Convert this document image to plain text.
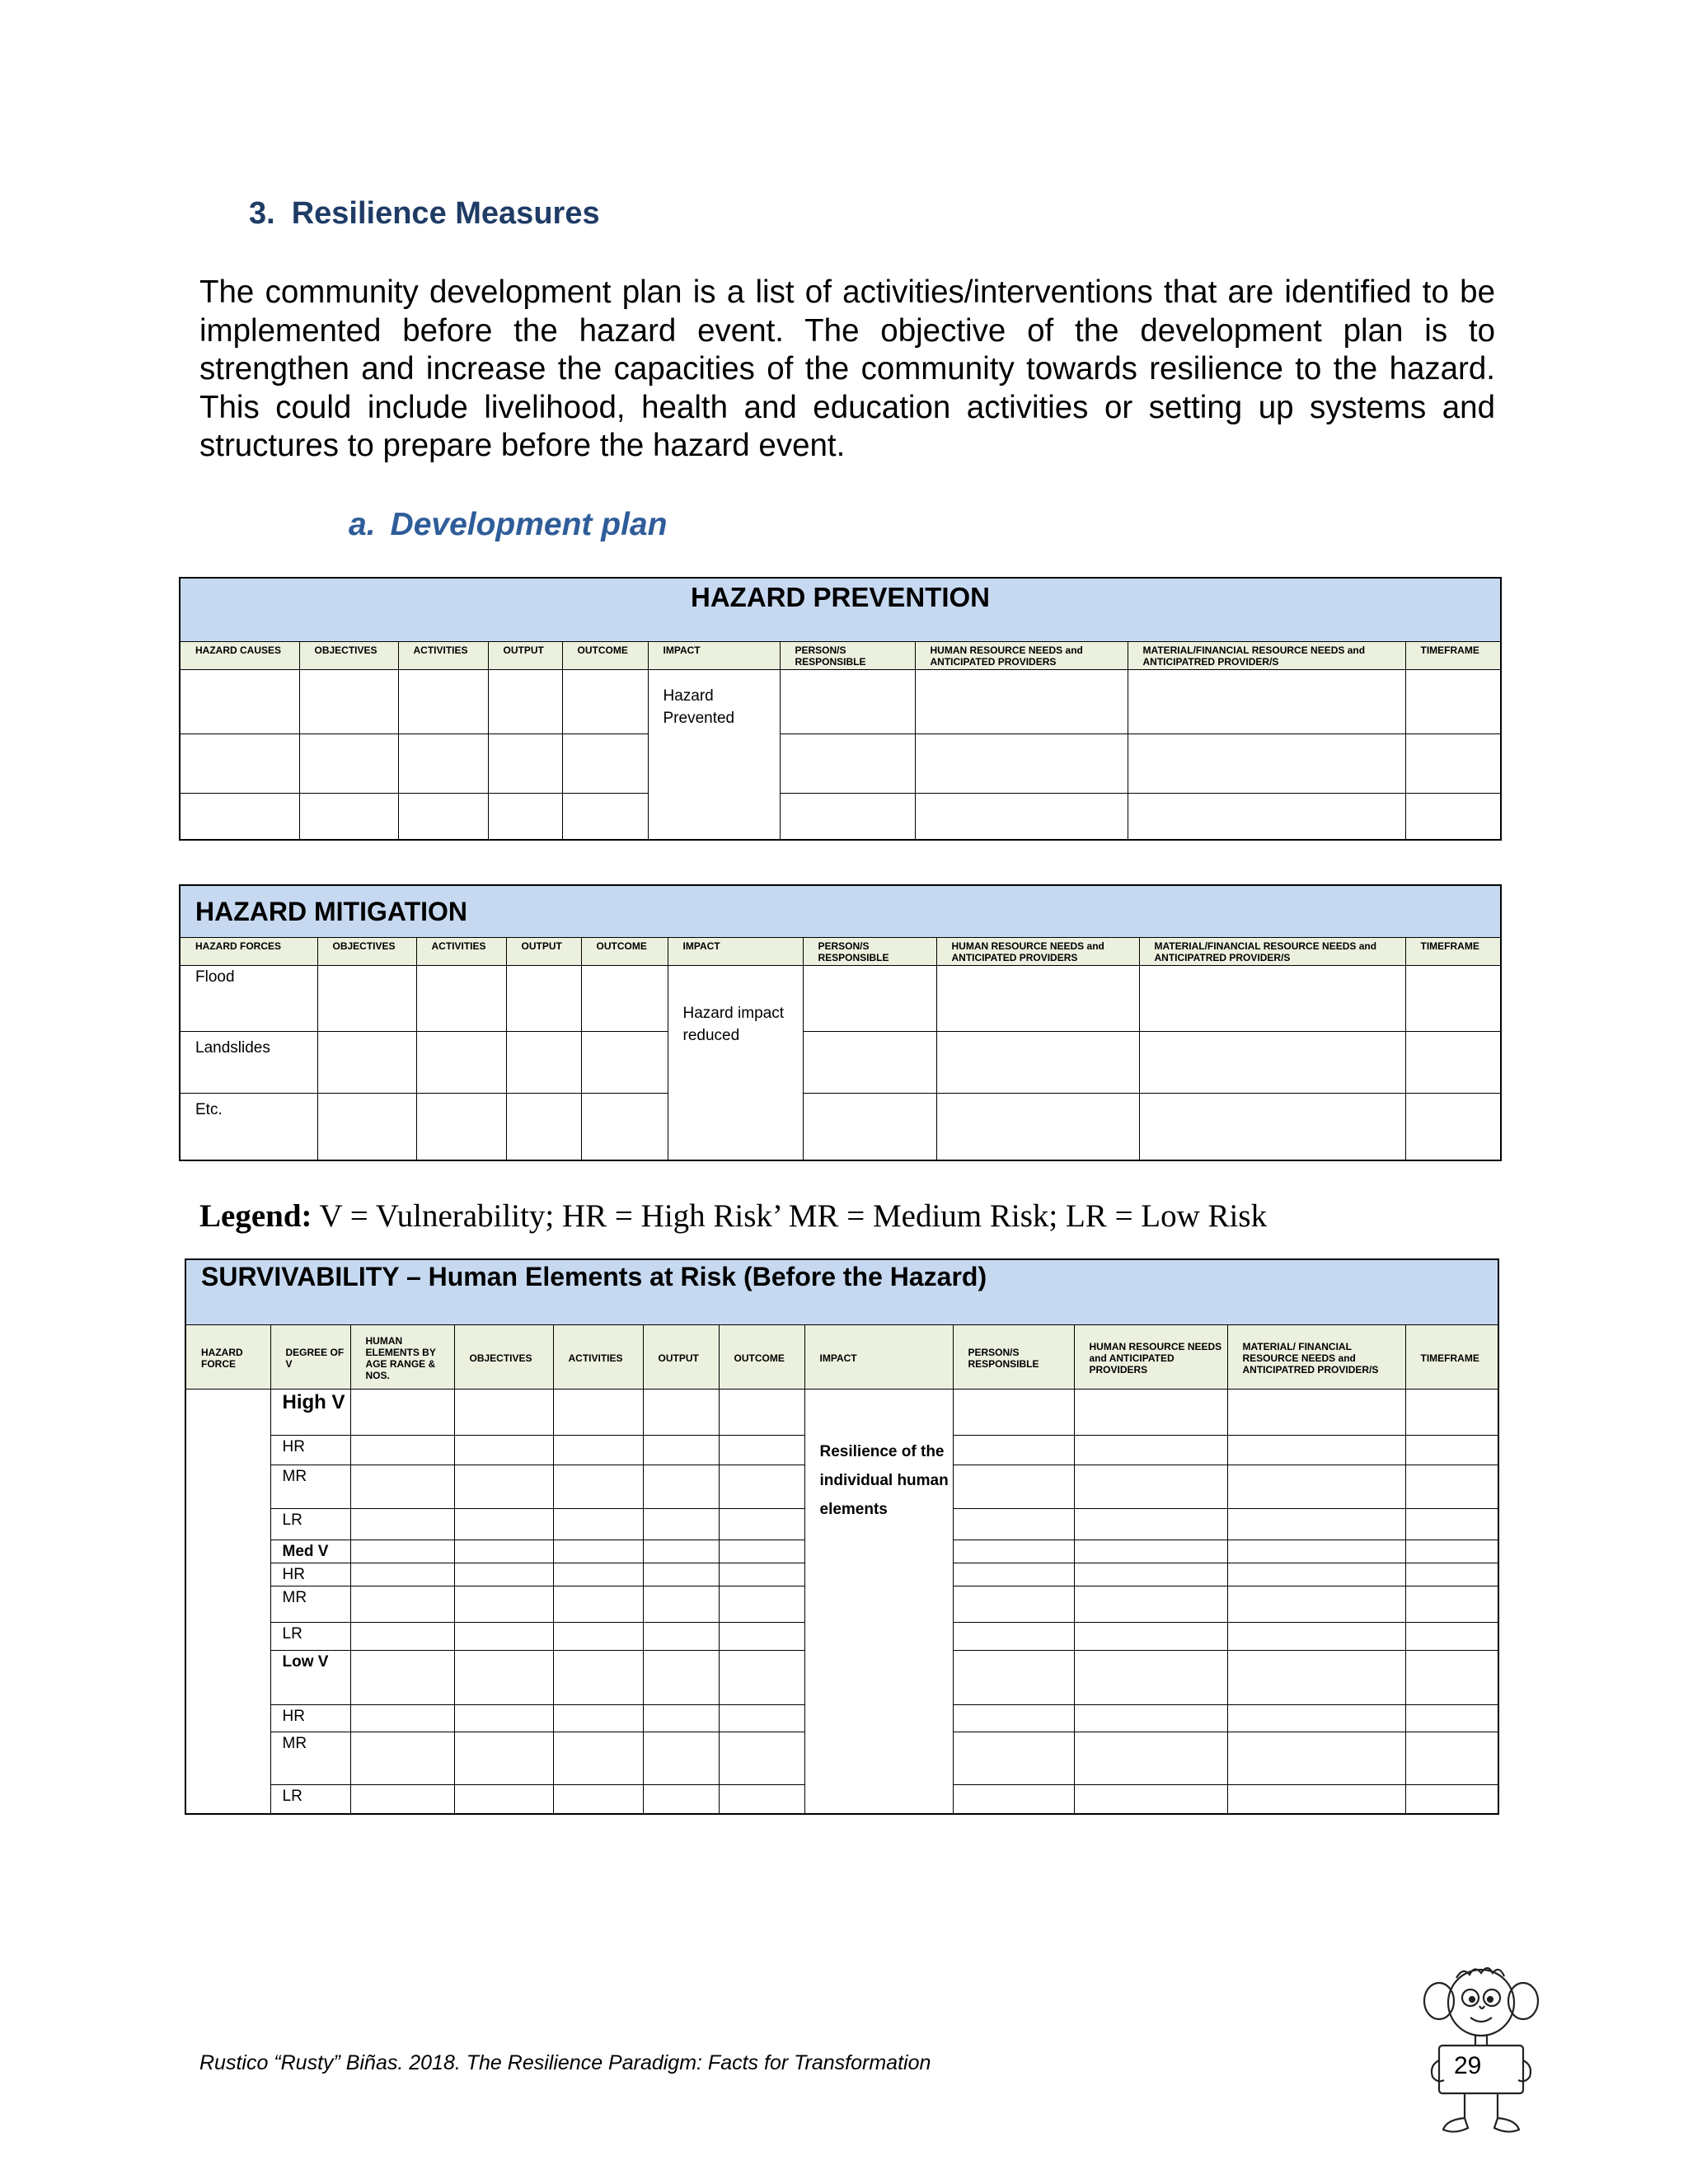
3. Resilience Measures
The community development plan is a list of activities/interventions that are identified to be implemented before the hazard event. The objective of the development plan is to strengthen and increase the capacities of the community towards resilience to the hazard. This could include livelihood, health and education activities or setting up systems and structures to prepare before the hazard event.
a. Development plan
HAZARD PREVENTION									
HAZARD CAUSES	OBJECTIVES	ACTIVITIES	OUTPUT	OUTCOME	IMPACT	PERSON/S RESPONSIBLE	HUMAN RESOURCE NEEDS and ANTICIPATED PROVIDERS	MATERIAL/FINANCIAL RESOURCE NEEDS and ANTICIPATRED PROVIDER/S	TIMEFRAME
					Hazard Prevented				

HAZARD MITIGATION									
HAZARD FORCES	OBJECTIVES	ACTIVITIES	OUTPUT	OUTCOME	IMPACT	PERSON/S RESPONSIBLE	HUMAN RESOURCE NEEDS and ANTICIPATED PROVIDERS	MATERIAL/FINANCIAL RESOURCE NEEDS and ANTICIPATRED PROVIDER/S	TIMEFRAME
Flood					Hazard impact reduced				
Landslides									
Etc.									
Legend: V = Vulnerability; HR = High Risk’ MR = Medium Risk; LR = Low Risk
SURVIVABILITY – Human Elements at Risk (Before the Hazard)											
HAZARD FORCE	DEGREE OF V	HUMAN ELEMENTS BY AGE RANGE & NOS.	OBJECTIVES	ACTIVITIES	OUTPUT	OUTCOME	IMPACT	PERSON/S RESPONSIBLE	HUMAN RESOURCE NEEDS and ANTICIPATED PROVIDERS	MATERIAL/ FINANCIAL RESOURCE NEEDS and ANTICIPATRED PROVIDER/S	TIMEFRAME
	High V						Resilience of the individual human elements				
	HR										
	MR										
	LR										
	Med V										
	HR										
	MR										
	LR										
	Low V										
	HR										
	MR										
	LR										
Rustico “Rusty” Biñas. 2018. The Resilience Paradigm: Facts for Transformation	29
